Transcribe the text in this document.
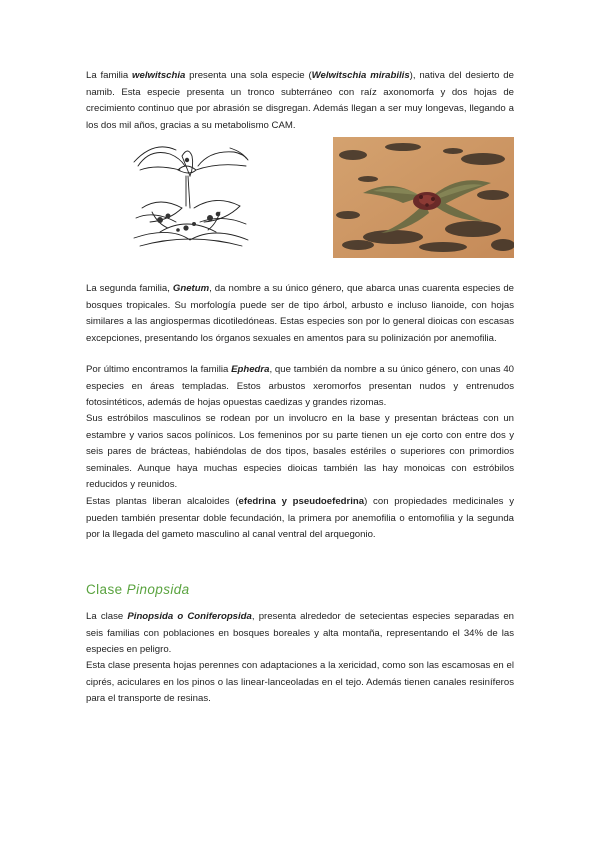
La familia welwitschia presenta una sola especie (Welwitschia mirabilis), nativa del desierto de namib. Esta especie presenta un tronco subterráneo con raíz axonomorfa y dos hojas de crecimiento continuo que por abrasión se disgregan. Además llegan a ser muy longevas, llegando a los dos mil años, gracias a su metabolismo CAM.

La segunda familia, Gnetum, da nombre a su único género, que abarca unas cuarenta especies de bosques tropicales. Su morfología puede ser de tipo árbol, arbusto e incluso lianoide, con hojas similares a las angiospermas dicotiledóneas. Estas especies son por lo general dioicas con escasas excepciones, presentando los órganos sexuales en amentos para su polinización por anemofilia.

Por último encontramos la familia Ephedra, que también da nombre a su único género, con unas 40 especies en áreas templadas. Estos arbustos xeromorfos presentan nudos y entrenudos fotosintéticos, además de hojas opuestas caedizas y grandes rizomas.

Sus estróbilos masculinos se rodean por un involucro en la base y presentan brácteas con un estambre y varios sacos polínicos. Los femeninos por su parte tienen un eje corto con entre dos y seis pares de brácteas, habiéndolas de dos tipos, basales estériles o superiores con primordios seminales. Aunque haya muchas especies dioicas también las hay monoicas con estróbilos reducidos y reunidos.

Estas plantas liberan alcaloides (efedrina y pseudoefedrina) con propiedades medicinales y pueden también presentar doble fecundación, la primera por anemofilia o entomofilia y la segunda por la llegada del gameto masculino al canal ventral del arquegonio.

Clase Pinopsida

La clase Pinopsida o Coniferopsida, presenta alrededor de setecientas especies separadas en seis familias con poblaciones en bosques boreales y alta montaña, representando el 34% de las especies en peligro.

Esta clase presenta hojas perennes con adaptaciones a la xericidad, como son las escamosas en el ciprés, aciculares en los pinos o las linear-lanceoladas en el tejo. Además tienen canales resiníferos para el transporte de resinas.
